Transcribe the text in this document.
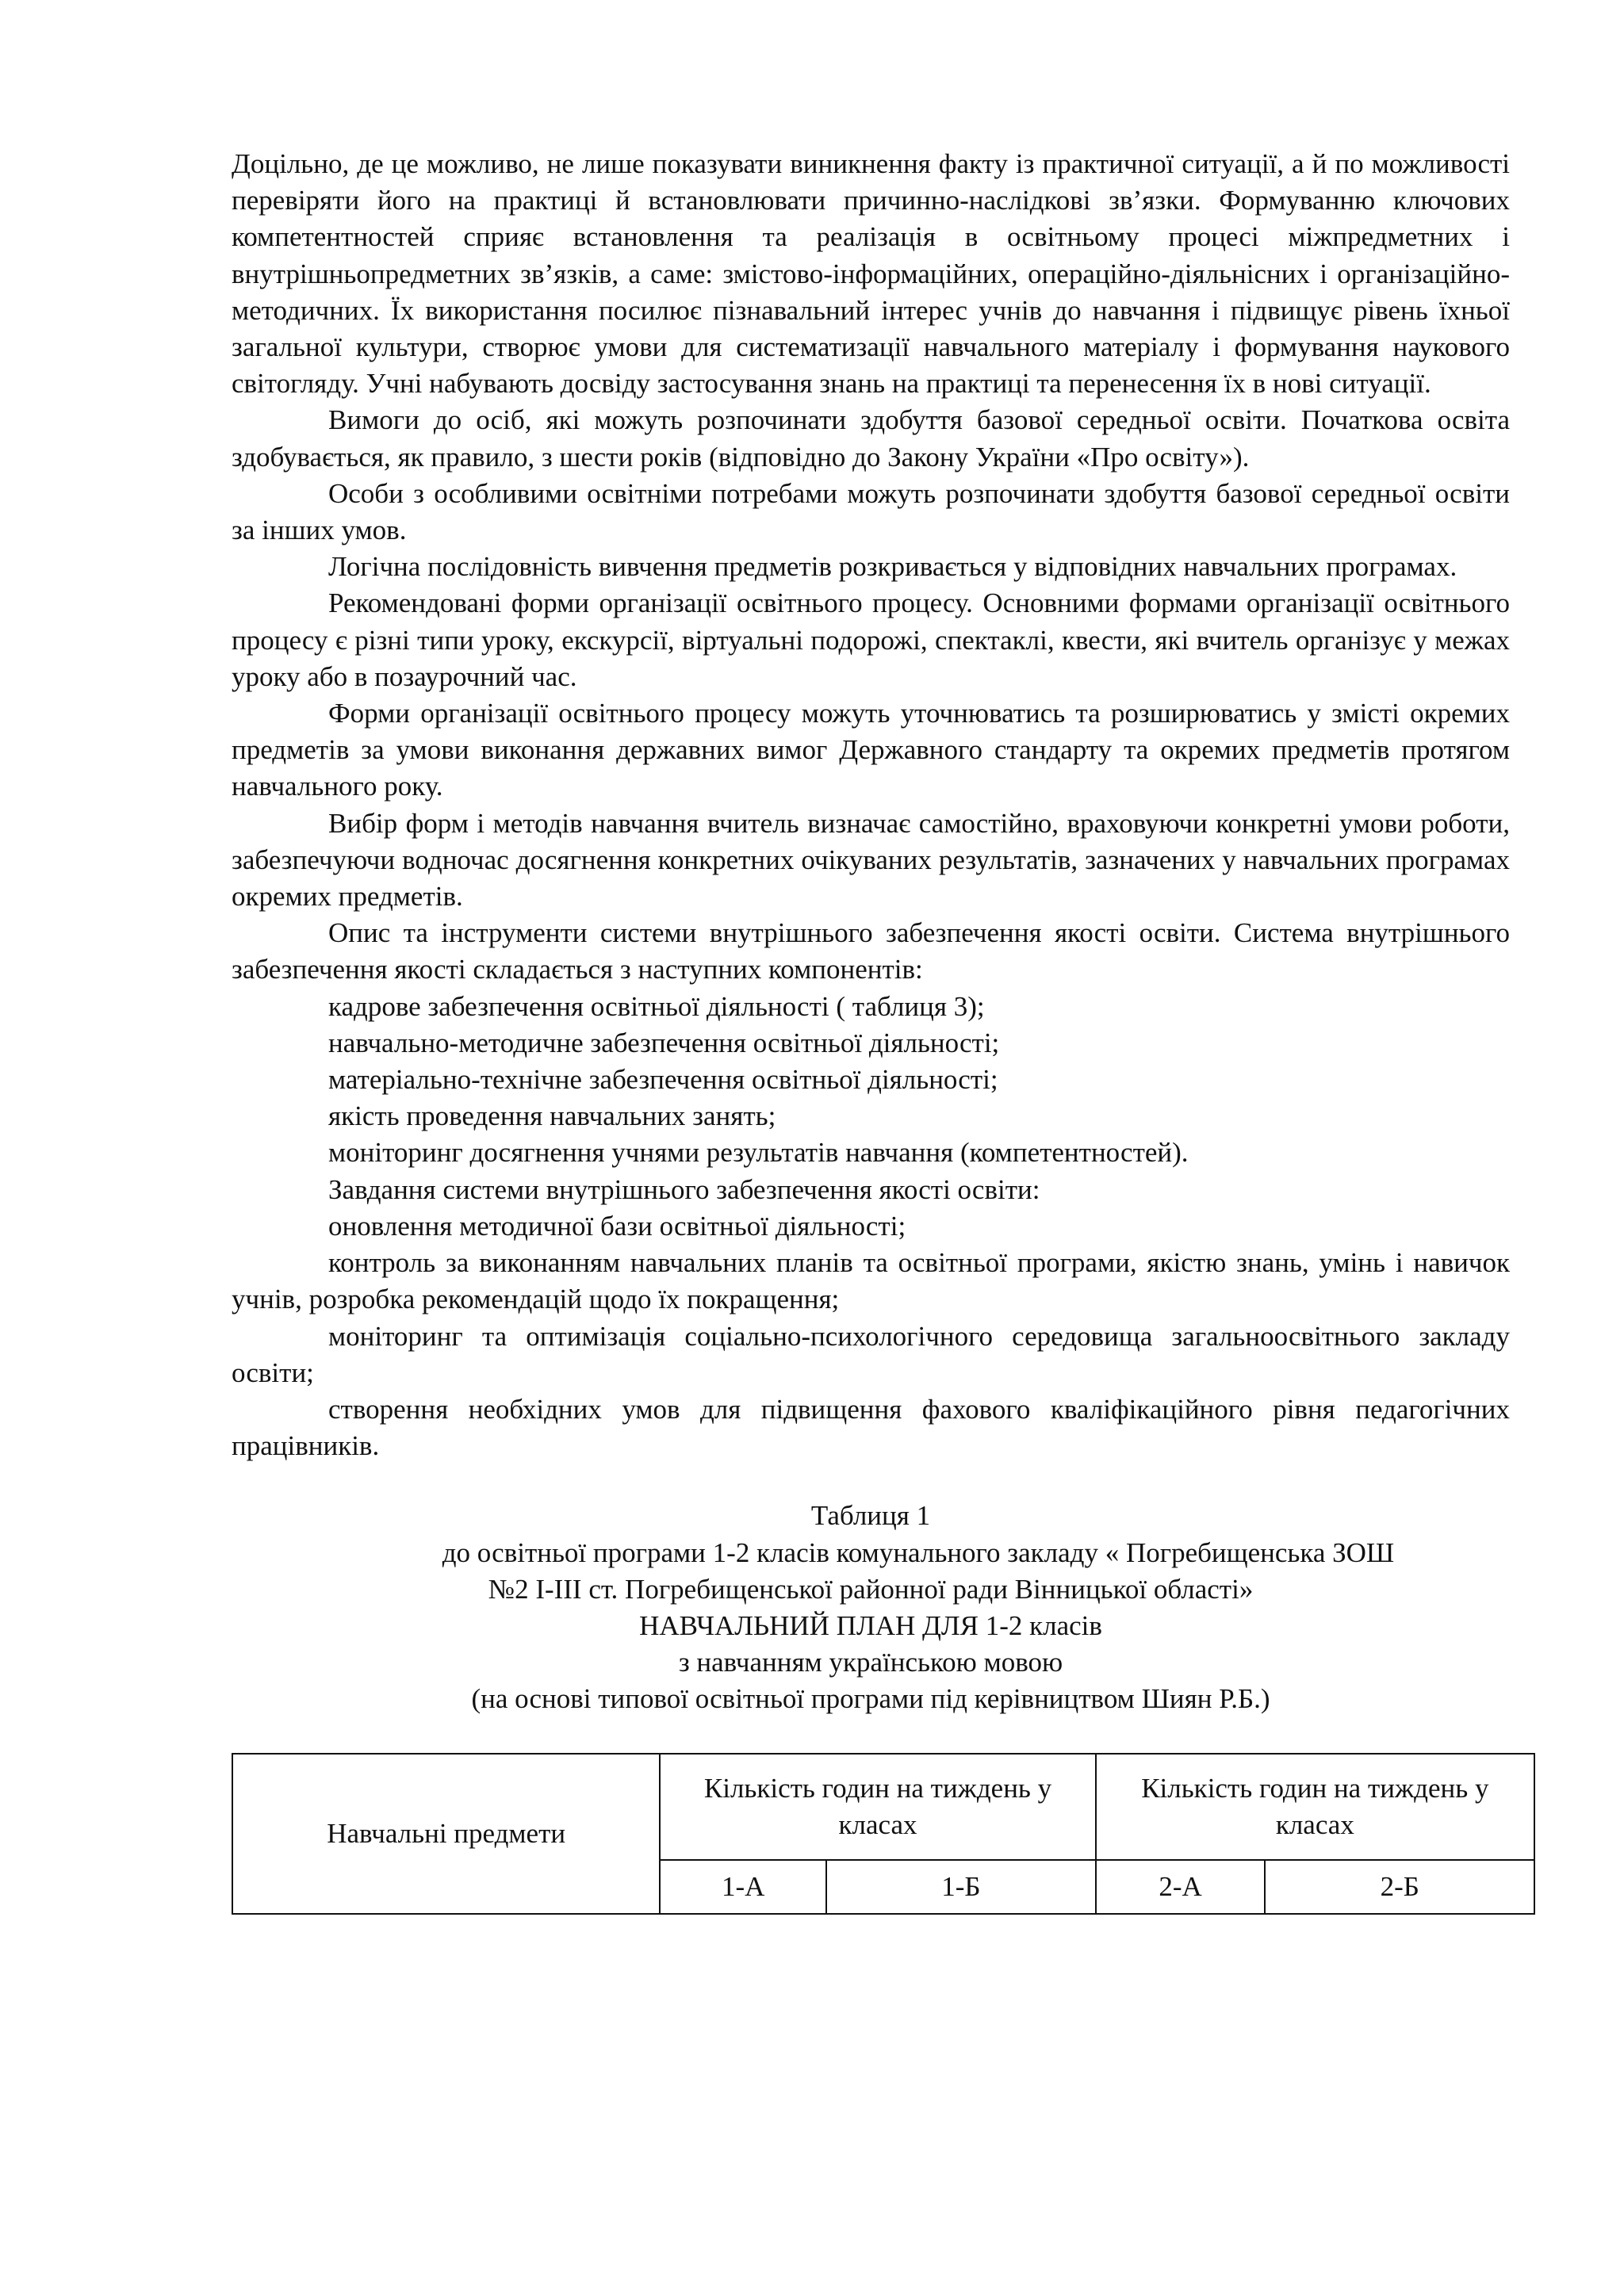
Доцільно, де це можливо, не лише показувати виникнення факту із практичної ситуації, а й по можливості перевіряти його на практиці й встановлювати причинно-наслідкові зв’язки. Формуванню ключових компетентностей сприяє встановлення та реалізація в освітньому процесі міжпредметних і внутрішньопредметних зв’язків, а саме: змістово-інформаційних, операційно-діяльнісних і організаційно-методичних. Їх використання посилює пізнавальний інтерес учнів до навчання і підвищує рівень їхньої загальної культури, створює умови для систематизації навчального матеріалу і формування наукового світогляду. Учні набувають досвіду застосування знань на практиці та перенесення їх в нові ситуації.

Вимоги до осіб, які можуть розпочинати здобуття базової середньої освіти. Початкова освіта здобувається, як правило, з шести років (відповідно до Закону України «Про освіту»).

Особи з особливими освітніми потребами можуть розпочинати здобуття базової середньої освіти за інших умов.

Логічна послідовність вивчення предметів розкривається у відповідних навчальних програмах.

Рекомендовані форми організації освітнього процесу. Основними формами організації освітнього процесу є різні типи уроку, екскурсії, віртуальні подорожі, спектаклі, квести, які вчитель організує у межах уроку або в позаурочний час.

Форми організації освітнього процесу можуть уточнюватись та розширюватись у змісті окремих предметів за умови виконання державних вимог Державного стандарту та окремих предметів протягом навчального року.

Вибір форм і методів навчання вчитель визначає самостійно, враховуючи конкретні умови роботи, забезпечуючи водночас досягнення конкретних очікуваних результатів, зазначених у навчальних програмах окремих предметів.

Опис та інструменти системи внутрішнього забезпечення якості освіти. Система внутрішнього забезпечення якості складається з наступних компонентів:

кадрове забезпечення освітньої діяльності ( таблиця 3);

навчально-методичне забезпечення освітньої діяльності;

матеріально-технічне забезпечення освітньої діяльності;

якість проведення навчальних занять;

моніторинг досягнення учнями результатів навчання (компетентностей).

Завдання системи внутрішнього забезпечення якості освіти:

оновлення методичної бази освітньої діяльності;

контроль за виконанням навчальних планів та освітньої програми, якістю знань, умінь і навичок учнів, розробка рекомендацій щодо їх покращення;

моніторинг та оптимізація соціально-психологічного середовища загальноосвітнього закладу освіти;

створення необхідних умов для підвищення фахового кваліфікаційного рівня педагогічних працівників.

Таблиця 1
до освітньої програми 1-2 класів комунального закладу « Погребищенська ЗОШ
№2 І-ІІІ ст. Погребищенської районної ради Вінницької області»
НАВЧАЛЬНИЙ ПЛАН ДЛЯ 1-2 класів
з навчанням українською мовою
(на основі типової освітньої програми під керівництвом Шиян Р.Б.)
Навчальні предмети	Кількість годин на тиждень у класах		Кількість годин на тиждень у класах	
	1-А	1-Б	2-А	2-Б
